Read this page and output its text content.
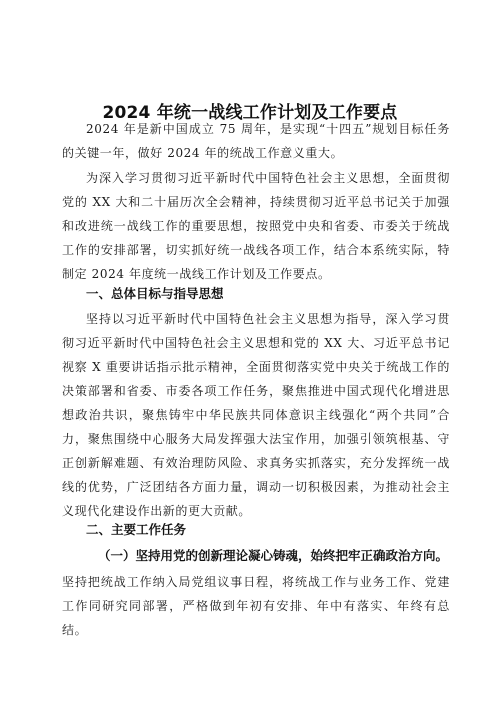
2024 年统一战线工作计划及工作要点

2024 年是新中国成立 75 周年，是实现“十四五”规划目标任务的关键一年，做好 2024 年的统战工作意义重大。

为深入学习贯彻习近平新时代中国特色社会主义思想，全面贯彻党的 XX 大和二十届历次全会精神，持续贯彻习近平总书记关于加强和改进统一战线工作的重要思想，按照党中央和省委、市委关于统战工作的安排部署，切实抓好统一战线各项工作，结合本系统实际，特制定 2024 年度统一战线工作计划及工作要点。

一、总体目标与指导思想

坚持以习近平新时代中国特色社会主义思想为指导，深入学习贯彻习近平新时代中国特色社会主义思想和党的 XX 大、习近平总书记视察 X 重要讲话指示批示精神，全面贯彻落实党中央关于统战工作的决策部署和省委、市委各项工作任务，聚焦推进中国式现代化增进思想政治共识，聚焦铸牢中华民族共同体意识主线强化“两个共同”合力，聚焦围绕中心服务大局发挥强大法宝作用，加强引领筑根基、守正创新解难题、有效治理防风险、求真务实抓落实，充分发挥统一战线的优势，广泛团结各方面力量，调动一切积极因素，为推动社会主义现代化建设作出新的更大贡献。

二、主要工作任务
（一）坚持用党的创新理论凝心铸魂，始终把牢正确政治方向。

坚持把统战工作纳入局党组议事日程，将统战工作与业务工作、党建工作同研究同部署，严格做到年初有安排、年中有落实、年终有总结。
